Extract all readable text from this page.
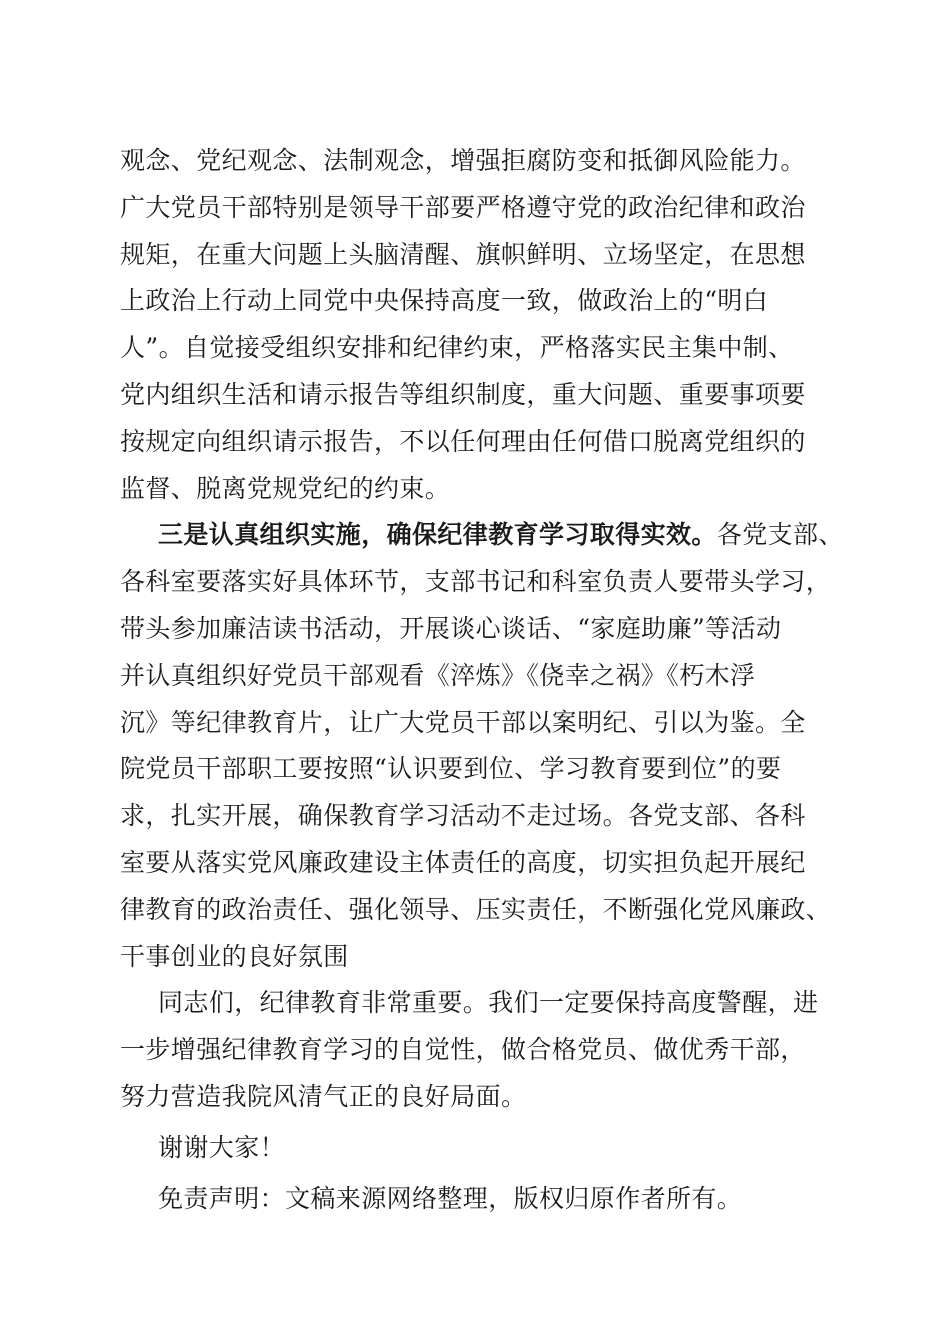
观念、党纪观念、法制观念，增强拒腐防变和抵御风险能力。
广大党员干部特别是领导干部要严格遵守党的政治纪律和政治
规矩，在重大问题上头脑清醒、旗帜鲜明、立场坚定，在思想
上政治上行动上同党中央保持高度一致，做政治上的“明白
人”。自觉接受组织安排和纪律约束，严格落实民主集中制、
党内组织生活和请示报告等组织制度，重大问题、重要事项要
按规定向组织请示报告，不以任何理由任何借口脱离党组织的
监督、脱离党规党纪的约束。
三是认真组织实施，确保纪律教育学习取得实效。各党支部、
各科室要落实好具体环节，支部书记和科室负责人要带头学习，
带头参加廉洁读书活动，开展谈心谈话、“家庭助廉”等活动
并认真组织好党员干部观看《淬炼》《侥幸之祸》《朽木浮
沉》等纪律教育片，让广大党员干部以案明纪、引以为鉴。全
院党员干部职工要按照“认识要到位、学习教育要到位”的要
求，扎实开展，确保教育学习活动不走过场。各党支部、各科
室要从落实党风廉政建设主体责任的高度，切实担负起开展纪
律教育的政治责任、强化领导、压实责任，不断强化党风廉政、
干事创业的良好氛围
同志们，纪律教育非常重要。我们一定要保持高度警醒，进
一步增强纪律教育学习的自觉性，做合格党员、做优秀干部，
努力营造我院风清气正的良好局面。
谢谢大家！
免责声明：文稿来源网络整理，版权归原作者所有。
